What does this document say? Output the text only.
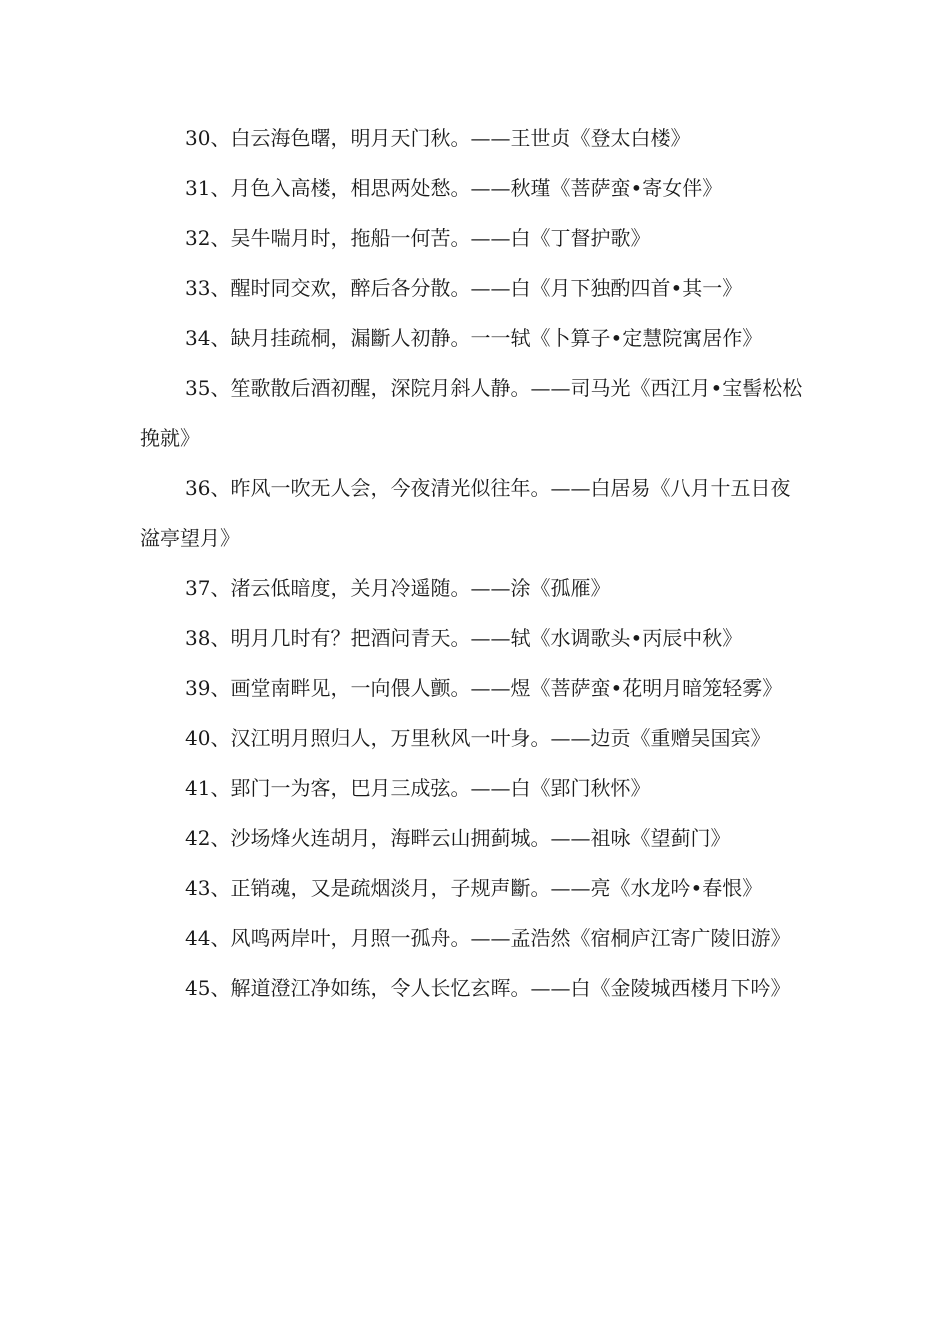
30、白云海色曙，明月天门秋。——王世贞《登太白楼》

31、月色入高楼，相思两处愁。——秋瑾《菩萨蛮•寄女伴》

32、吴牛喘月时，拖船一何苦。——白《丁督护歌》

33、醒时同交欢，醉后各分散。——白《月下独酌四首•其一》

34、缺月挂疏桐，漏斷人初静。一一轼《卜算子•定慧院寓居作》

35、笙歌散后酒初醒，深院月斜人静。——司马光《西江月•宝髻松松挽就》

36、昨风一吹无人会，今夜清光似往年。——白居易《八月十五日夜湓亭望月》

37、渚云低暗度，关月冷遥随。——涂《孤雁》

38、明月几时有？把酒问青天。——轼《水调歌头•丙辰中秋》

39、画堂南畔见，一向偎人颤。——煜《菩萨蛮•花明月暗笼轻雾》

40、汉江明月照归人，万里秋风一叶身。——边贡《重赠吴国宾》

41、郢门一为客，巴月三成弦。——白《郢门秋怀》

42、沙场烽火连胡月，海畔云山拥蓟城。——祖咏《望蓟门》

43、正销魂，又是疏烟淡月，子规声斷。——亮《水龙吟•春恨》

44、风鸣两岸叶，月照一孤舟。——孟浩然《宿桐庐江寄广陵旧游》

45、解道澄江净如练，令人长忆玄晖。——白《金陵城西楼月下吟》
